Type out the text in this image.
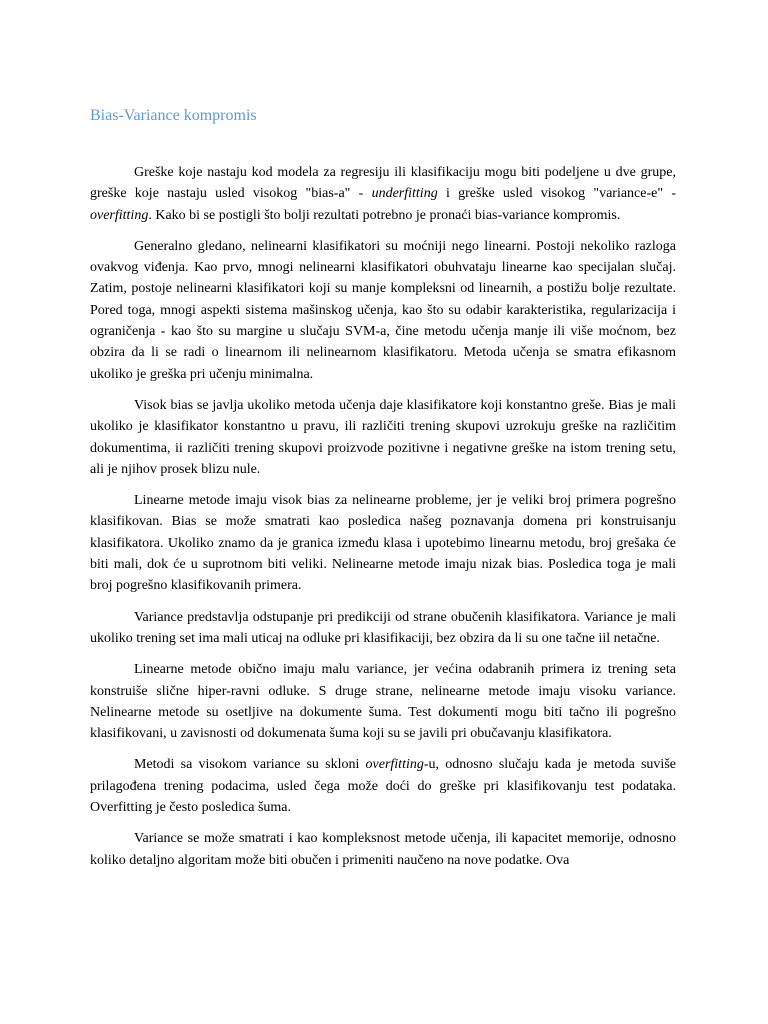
Bias-Variance kompromis

Greške koje nastaju kod modela za regresiju ili klasifikaciju mogu biti podeljene u dve grupe, greške koje nastaju usled visokog "bias-a" - underfitting i greške usled visokog "variance-e" - overfitting. Kako bi se postigli što bolji rezultati potrebno je pronaći bias-variance kompromis.

Generalno gledano, nelinearni klasifikatori su moćniji nego linearni. Postoji nekoliko razloga ovakvog viđenja. Kao prvo, mnogi nelinearni klasifikatori obuhvataju linearne kao specijalan slučaj. Zatim, postoje nelinearni klasifikatori koji su manje kompleksni od linearnih, a postižu bolje rezultate. Pored toga, mnogi aspekti sistema mašinskog učenja, kao što su odabir karakteristika, regularizacija i ograničenja - kao što su margine u slučaju SVM-a, čine metodu učenja manje ili više moćnom, bez obzira da li se radi o linearnom ili nelinearnom klasifikatoru. Metoda učenja se smatra efikasnom ukoliko je greška pri učenju minimalna.

Visok bias se javlja ukoliko metoda učenja daje klasifikatore koji konstantno greše. Bias je mali ukoliko je klasifikator konstantno u pravu, ili različiti trening skupovi uzrokuju greške na različitim dokumentima, ii različiti trening skupovi proizvode pozitivne i negativne greške na istom trening setu, ali je njihov prosek blizu nule.

Linearne metode imaju visok bias za nelinearne probleme, jer je veliki broj primera pogrešno klasifikovan. Bias se može smatrati kao posledica našeg poznavanja domena pri konstruisanju klasifikatora. Ukoliko znamo da je granica između klasa i upotebimo linearnu metodu, broj grešaka će biti mali, dok će u suprotnom biti veliki. Nelinearne metode imaju nizak bias. Posledica toga je mali broj pogrešno klasifikovanih primera.

Variance predstavlja odstupanje pri predikciji od strane obučenih klasifikatora. Variance je mali ukoliko trening set ima mali uticaj na odluke pri klasifikaciji, bez obzira da li su one tačne iil netačne.

Linearne metode obično imaju malu variance, jer većina odabranih primera iz trening seta konstruiše slične hiper-ravni odluke. S druge strane, nelinearne metode imaju visoku variance. Nelinearne metode su osetljive na dokumente šuma. Test dokumenti mogu biti tačno ili pogrešno klasifikovani, u zavisnosti od dokumenata šuma koji su se javili pri obučavanju klasifikatora.

Metodi sa visokom variance su skloni overfitting-u, odnosno slučaju kada je metoda suviše prilagođena trening podacima, usled čega može doći do greške pri klasifikovanju test podataka. Overfitting je često posledica šuma.

Variance se može smatrati i kao kompleksnost metode učenja, ili kapacitet memorije, odnosno koliko detaljno algoritam može biti obučen i primeniti naučeno na nove podatke. Ova
